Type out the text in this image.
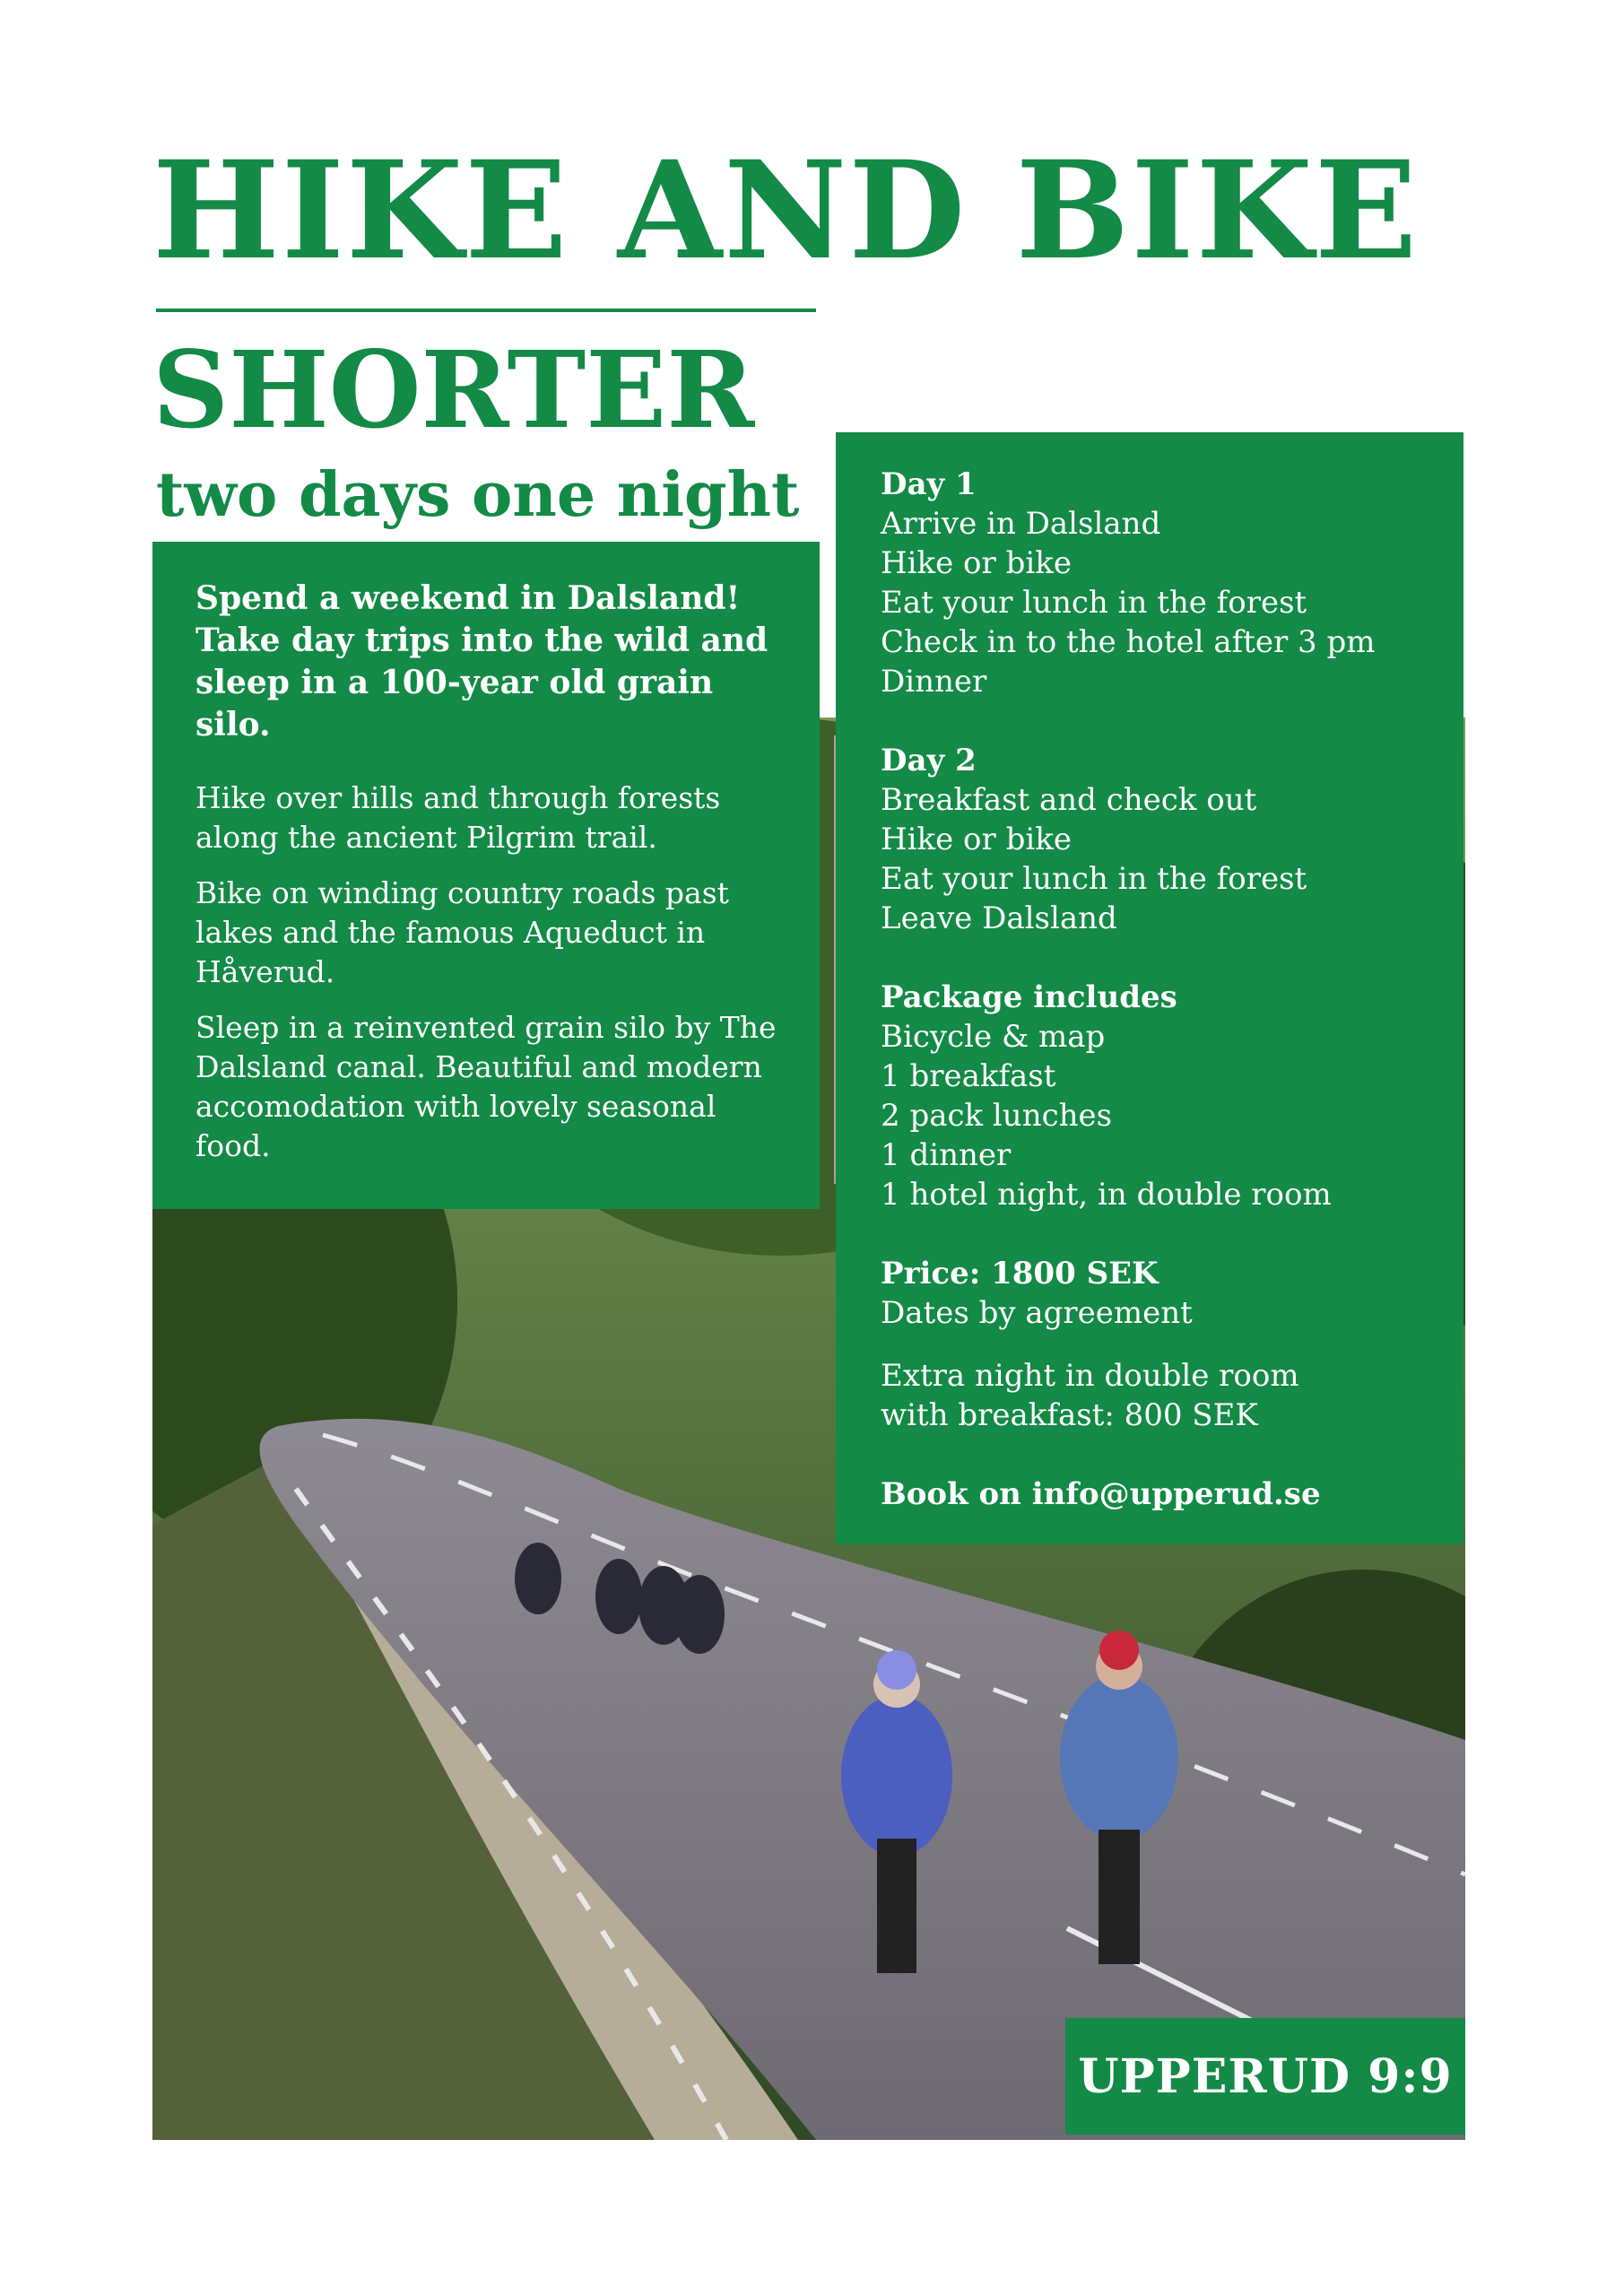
HIKE AND BIKE
SHORTER
two days one night

Spend a weekend in Dalsland! Take day trips into the wild and sleep in a 100-year old grain silo.

Hike over hills and through forests along the ancient Pilgrim trail.

Bike on winding country roads past lakes and the famous Aqueduct in Håverud.

Sleep in a reinvented grain silo by The Dalsland canal. Beautiful and modern accomodation with lovely seasonal food.

Day 1
Arrive in Dalsland
Hike or bike
Eat your lunch in the forest
Check in to the hotel after 3 pm
Dinner
Day 2
Breakfast and check out
Hike or bike
Eat your lunch in the forest
Leave Dalsland
Package includes
Bicycle & map
1 breakfast
2 pack lunches
1 dinner
1 hotel night, in double room
Price: 1800 SEK
Dates by agreement
Extra night in double room
with breakfast: 800 SEK
Book on info@upperud.se
UPPERUD 9:9
